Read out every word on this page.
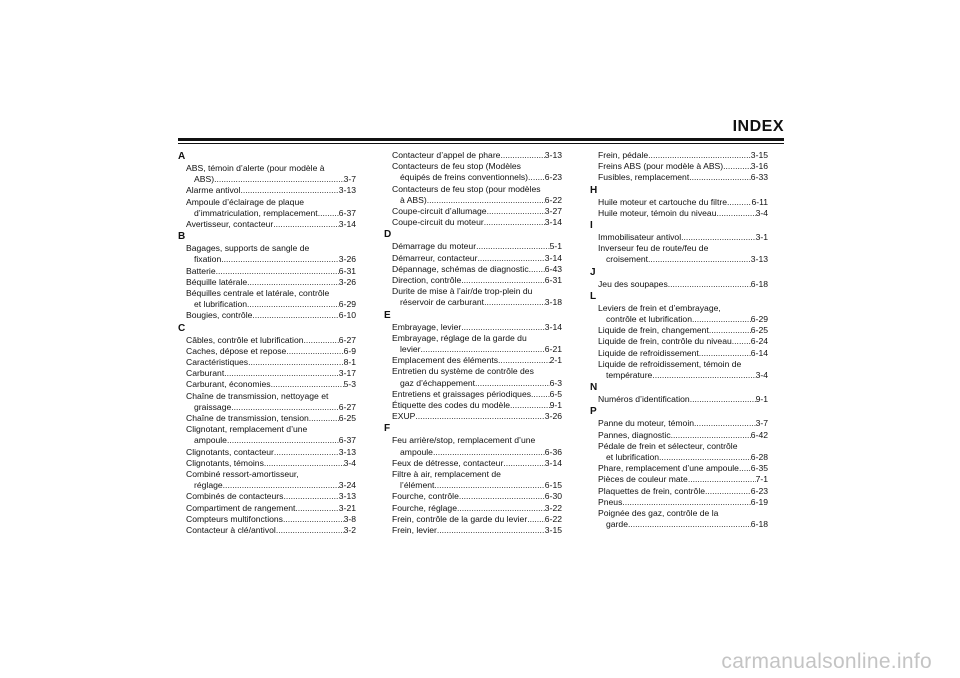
INDEX
A
ABS, témoin d’alerte (pour modèle à
ABS) .....	3-7
Alarme antivol .....	3-13
Ampoule d’éclairage de plaque
d’immatriculation, remplacement ..... 6-37
Avertisseur, contacteur .....	3-14
B
Bagages, supports de sangle de
fixation .....	3-26
Batterie .....	6-31
Béquille latérale .....	3-26
Béquilles centrale et latérale, contrôle
et lubrification .....	6-29
Bougies, contrôle .....	6-10
C
Câbles, contrôle et lubrification .....	6-27
Caches, dépose et repose .....	6-9
Caractéristiques .....	8-1
Carburant .....	3-17
Carburant, économies .....	5-3
Chaîne de transmission, nettoyage et
graissage .....	6-27
Chaîne de transmission, tension .....	6-25
Clignotant, remplacement d’une
ampoule .....	6-37
Clignotants, contacteur .....	3-13
Clignotants, témoins .....	3-4
Combiné ressort-amortisseur,
réglage .....	3-24
Combinés de contacteurs .....	3-13
Compartiment de rangement .....	3-21
Compteurs multifonctions .....	3-8
Contacteur à clé/antivol .....	3-2
Contacteur d’appel de phare .....	3-13
Contacteurs de feu stop (Modèles
équipés de freins conventionnels) ..... 6-23
Contacteurs de feu stop (pour modèles
à ABS) .....	6-22
Coupe-circuit d’allumage .....	3-27
Coupe-circuit du moteur .....	3-14
D
Démarrage du moteur .....	5-1
Démarreur, contacteur .....	3-14
Dépannage, schémas de diagnostic ..... 6-43
Direction, contrôle .....	6-31
Durite de mise à l’air/de trop-plein du
réservoir de carburant .....	3-18
E
Embrayage, levier .....	3-14
Embrayage, réglage de la garde du
levier .....	6-21
Emplacement des éléments .....	2-1
Entretien du système de contrôle des
gaz d’échappement .....	6-3
Entretiens et graissages périodiques ..... 6-5
Étiquette des codes du modèle .....	9-1
EXUP .....	3-26
F
Feu arrière/stop, remplacement d’une
ampoule .....	6-36
Feux de détresse, contacteur .....	3-14
Filtre à air, remplacement de
l’élément .....	6-15
Fourche, contrôle .....	6-30
Fourche, réglage .....	3-22
Frein, contrôle de la garde du levier ..... 6-22
Frein, levier .....	3-15
Frein, pédale .....	3-15
Freins ABS (pour modèle à ABS) .....	3-16
Fusibles, remplacement .....	6-33
H
Huile moteur et cartouche du filtre .....	6-11
Huile moteur, témoin du niveau .....	3-4
I
Immobilisateur antivol .....	3-1
Inverseur feu de route/feu de
croisement .....	3-13
J
Jeu des soupapes .....	6-18
L
Leviers de frein et d’embrayage,
contrôle et lubrification .....	6-29
Liquide de frein, changement .....	6-25
Liquide de frein, contrôle du niveau ..... 6-24
Liquide de refroidissement .....	6-14
Liquide de refroidissement, témoin de
température .....	3-4
N
Numéros d’identification .....	9-1
P
Panne du moteur, témoin .....	3-7
Pannes, diagnostic .....	6-42
Pédale de frein et sélecteur, contrôle
et lubrification .....	6-28
Phare, remplacement d’une ampoule ..... 6-35
Pièces de couleur mate .....	7-1
Plaquettes de frein, contrôle .....	6-23
Pneus .....	6-19
Poignée des gaz, contrôle de la
garde .....	6-18
carmanualsonline.info
